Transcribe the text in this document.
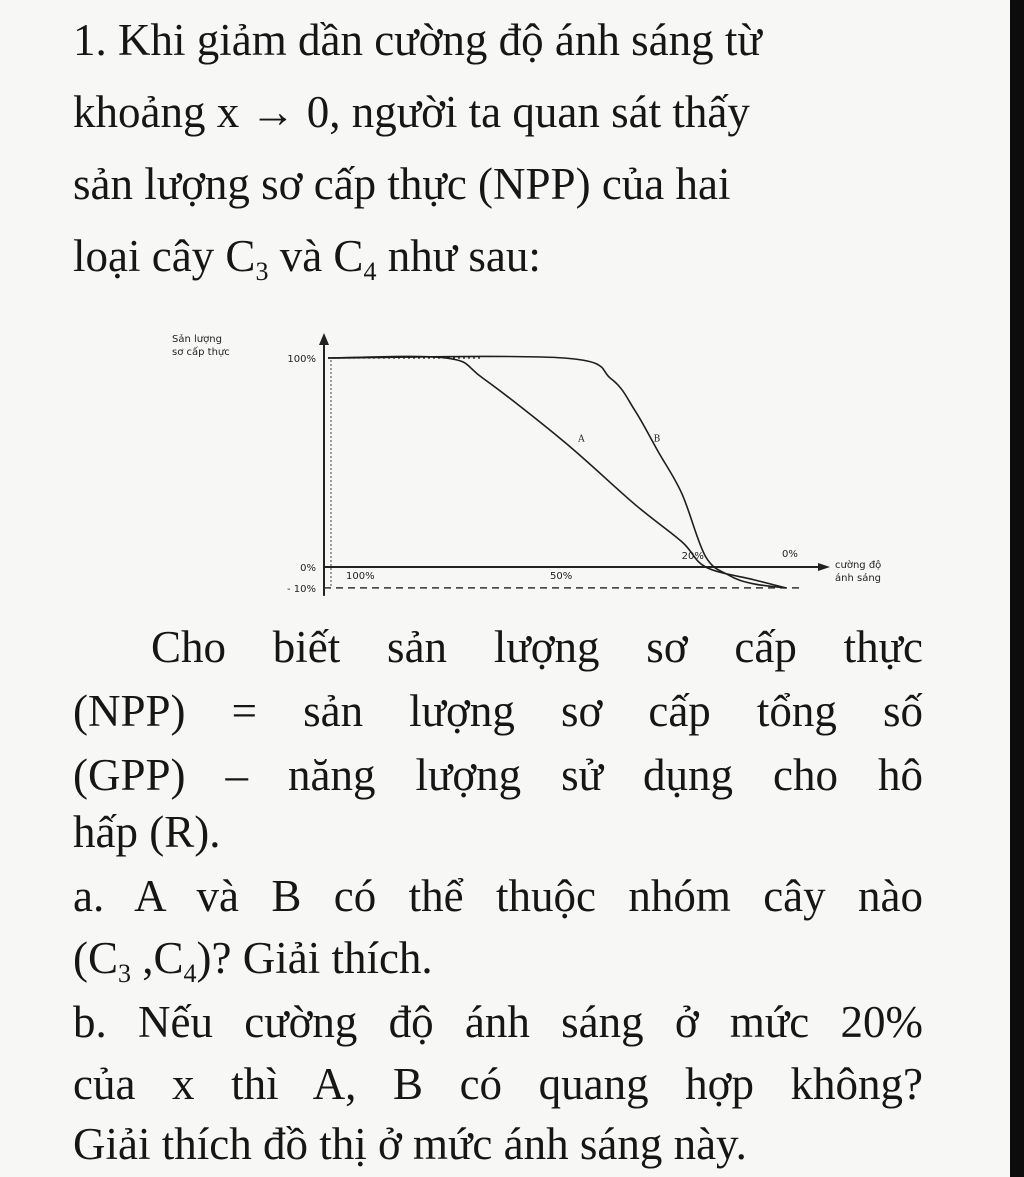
1. Khi giảm dần cường độ ánh sáng từ
khoảng x → 0, người ta quan sát thấy
sản lượng sơ cấp thực (NPP) của hai
loại cây $C_3$ và $C_4$ như sau:

Sản lượng
sơ cấp thực
cường độ
ánh sáng
100%
0%
- 10%
100%	50%
20%	0%
A	B

Cho biết sản lượng sơ cấp thực

(NPP) = sản lượng sơ cấp tổng số

(GPP) – năng lượng sử dụng cho hô

hấp (R).

a. A và B có thể thuộc nhóm cây nào

($C_3$ $,C_4$)? Giải thích.

b. Nếu cường độ ánh sáng ở mức 20%

của x thì A, B có quang hợp không?

Giải thích đồ thị ở mức ánh sáng này.
